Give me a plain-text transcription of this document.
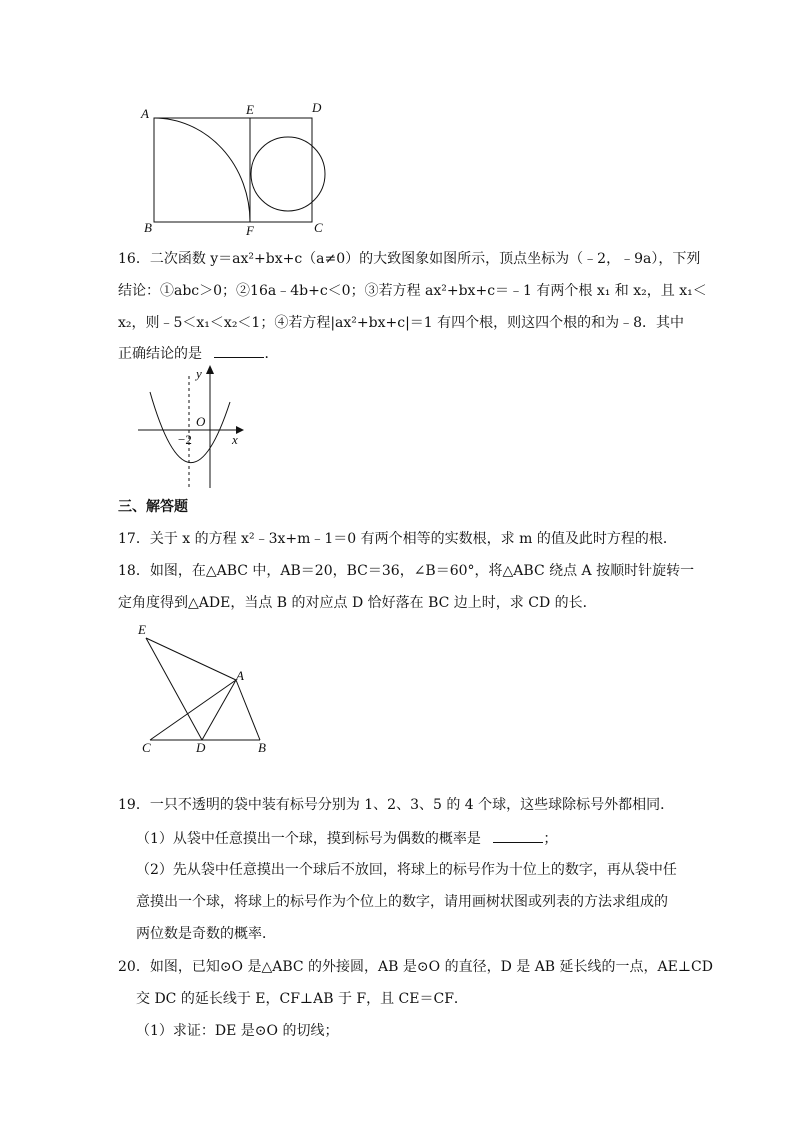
A	E	D
B	F	C
16．二次函数 y＝ax²+bx+c（a≠0）的大致图象如图所示，顶点坐标为（﹣2，﹣9a），下列
结论：①abc＞0；②16a﹣4b+c＜0；③若方程 ax²+bx+c＝﹣1 有两个根 x₁ 和 x₂，且 x₁＜
x₂，则﹣5＜x₁＜x₂＜1；④若方程|ax²+bx+c|＝1 有四个根，则这四个根的和为﹣8．其中
正确结论的是	．
y
O
−2	x
三、解答题
17．关于 x 的方程 x²﹣3x+m﹣1＝0 有两个相等的实数根，求 m 的值及此时方程的根．
18．如图，在△ABC 中，AB＝20，BC＝36，∠B＝60°，将△ABC 绕点 A 按顺时针旋转一
定角度得到△ADE，当点 B 的对应点 D 恰好落在 BC 边上时，求 CD 的长．
E
A
C	D	B
19．一只不透明的袋中装有标号分别为 1、2、3、5 的 4 个球，这些球除标号外都相同．
（1）从袋中任意摸出一个球，摸到标号为偶数的概率是	；
（2）先从袋中任意摸出一个球后不放回，将球上的标号作为十位上的数字，再从袋中任
意摸出一个球，将球上的标号作为个位上的数字，请用画树状图或列表的方法求组成的
两位数是奇数的概率．
20．如图，已知⊙O 是△ABC 的外接圆，AB 是⊙O 的直径，D 是 AB 延长线的一点，AE⊥CD
交 DC 的延长线于 E，CF⊥AB 于 F，且 CE＝CF．
（1）求证：DE 是⊙O 的切线；
